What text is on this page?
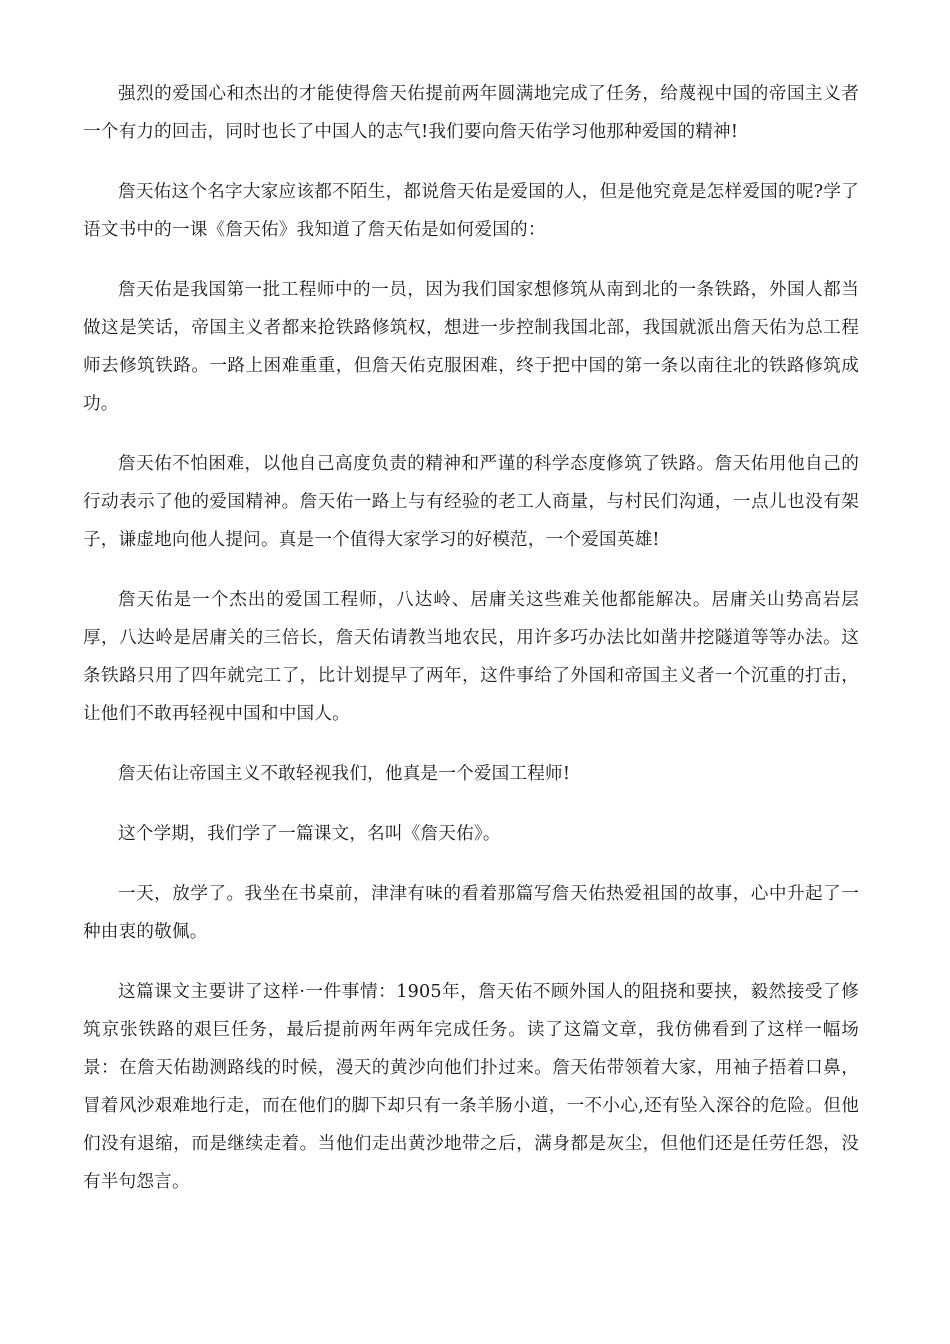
强烈的爱国心和杰出的才能使得詹天佑提前两年圆满地完成了任务，给蔑视中国的帝国主义者一个有力的回击，同时也长了中国人的志气!我们要向詹天佑学习他那种爱国的精神!

詹天佑这个名字大家应该都不陌生，都说詹天佑是爱国的人，但是他究竟是怎样爱国的呢?学了语文书中的一课《詹天佑》我知道了詹天佑是如何爱国的：

詹天佑是我国第一批工程师中的一员，因为我们国家想修筑从南到北的一条铁路，外国人都当做这是笑话，帝国主义者都来抢铁路修筑权，想进一步控制我国北部，我国就派出詹天佑为总工程师去修筑铁路。一路上困难重重，但詹天佑克服困难，终于把中国的第一条以南往北的铁路修筑成功。

詹天佑不怕困难，以他自己高度负责的精神和严谨的科学态度修筑了铁路。詹天佑用他自己的行动表示了他的爱国精神。詹天佑一路上与有经验的老工人商量，与村民们沟通，一点儿也没有架子，谦虚地向他人提问。真是一个值得大家学习的好模范，一个爱国英雄!

詹天佑是一个杰出的爱国工程师，八达岭、居庸关这些难关他都能解决。居庸关山势高岩层厚，八达岭是居庸关的三倍长，詹天佑请教当地农民，用许多巧办法比如凿井挖隧道等等办法。这条铁路只用了四年就完工了，比计划提早了两年，这件事给了外国和帝国主义者一个沉重的打击，让他们不敢再轻视中国和中国人。

詹天佑让帝国主义不敢轻视我们，他真是一个爱国工程师!

这个学期，我们学了一篇课文，名叫《詹天佑》。

一天，放学了。我坐在书桌前，津津有味的看着那篇写詹天佑热爱祖国的故事，心中升起了一种由衷的敬佩。

这篇课文主要讲了这样·一件事情：1905年，詹天佑不顾外国人的阻挠和要挟，毅然接受了修筑京张铁路的艰巨任务，最后提前两年两年完成任务。读了这篇文章，我仿佛看到了这样一幅场景：在詹天佑勘测路线的时候，漫天的黄沙向他们扑过来。詹天佑带领着大家，用袖子捂着口鼻，冒着风沙艰难地行走，而在他们的脚下却只有一条羊肠小道，一不小心,还有坠入深谷的危险。但他们没有退缩，而是继续走着。当他们走出黄沙地带之后，满身都是灰尘，但他们还是任劳任怨，没有半句怨言。
